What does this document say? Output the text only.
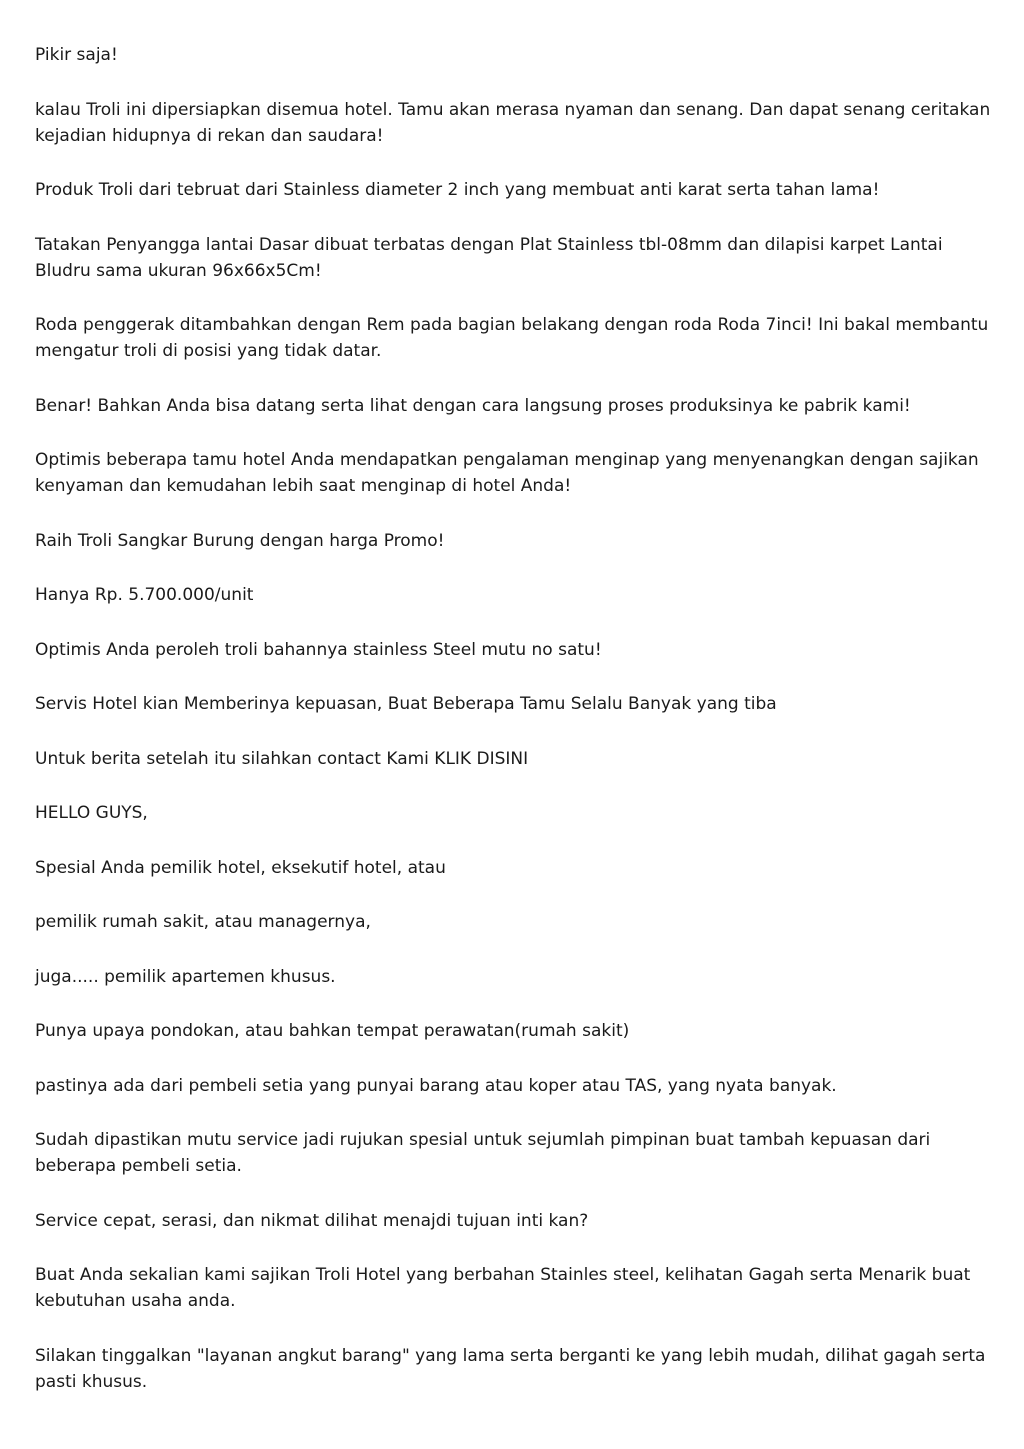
Pikir saja!

kalau Troli ini dipersiapkan disemua hotel. Tamu akan merasa nyaman dan senang. Dan dapat senang ceritakan kejadian hidupnya di rekan dan saudara!

Produk Troli dari tebruat dari Stainless diameter 2 inch yang membuat anti karat serta tahan lama!

Tatakan Penyangga lantai Dasar dibuat terbatas dengan Plat Stainless tbl-08mm dan dilapisi karpet Lantai Bludru sama ukuran 96x66x5Cm!

Roda penggerak ditambahkan dengan Rem pada bagian belakang dengan roda Roda 7inci! Ini bakal membantu mengatur troli di posisi yang tidak datar.

Benar! Bahkan Anda bisa datang serta lihat dengan cara langsung proses produksinya ke pabrik kami!

Optimis beberapa tamu hotel Anda mendapatkan pengalaman menginap yang menyenangkan dengan sajikan kenyaman dan kemudahan lebih saat menginap di hotel Anda!

Raih Troli Sangkar Burung dengan harga Promo!

Hanya Rp. 5.700.000/unit

Optimis Anda peroleh troli bahannya stainless Steel mutu no satu!

Servis Hotel kian Memberinya kepuasan, Buat Beberapa Tamu Selalu Banyak yang tiba

Untuk berita setelah itu silahkan contact Kami KLIK DISINI

HELLO GUYS,

Spesial Anda pemilik hotel, eksekutif hotel, atau

pemilik rumah sakit, atau managernya,

juga..... pemilik apartemen khusus.

Punya upaya pondokan, atau bahkan tempat perawatan(rumah sakit)

pastinya ada dari pembeli setia yang punyai barang atau koper atau TAS, yang nyata banyak.

Sudah dipastikan mutu service jadi rujukan spesial untuk sejumlah pimpinan buat tambah kepuasan dari beberapa pembeli setia.

Service cepat, serasi, dan nikmat dilihat menajdi tujuan inti kan?

Buat Anda sekalian kami sajikan Troli Hotel yang berbahan Stainles steel, kelihatan Gagah serta Menarik buat kebutuhan usaha anda.

Silakan tinggalkan "layanan angkut barang" yang lama serta berganti ke yang lebih mudah, dilihat gagah serta pasti khusus.
